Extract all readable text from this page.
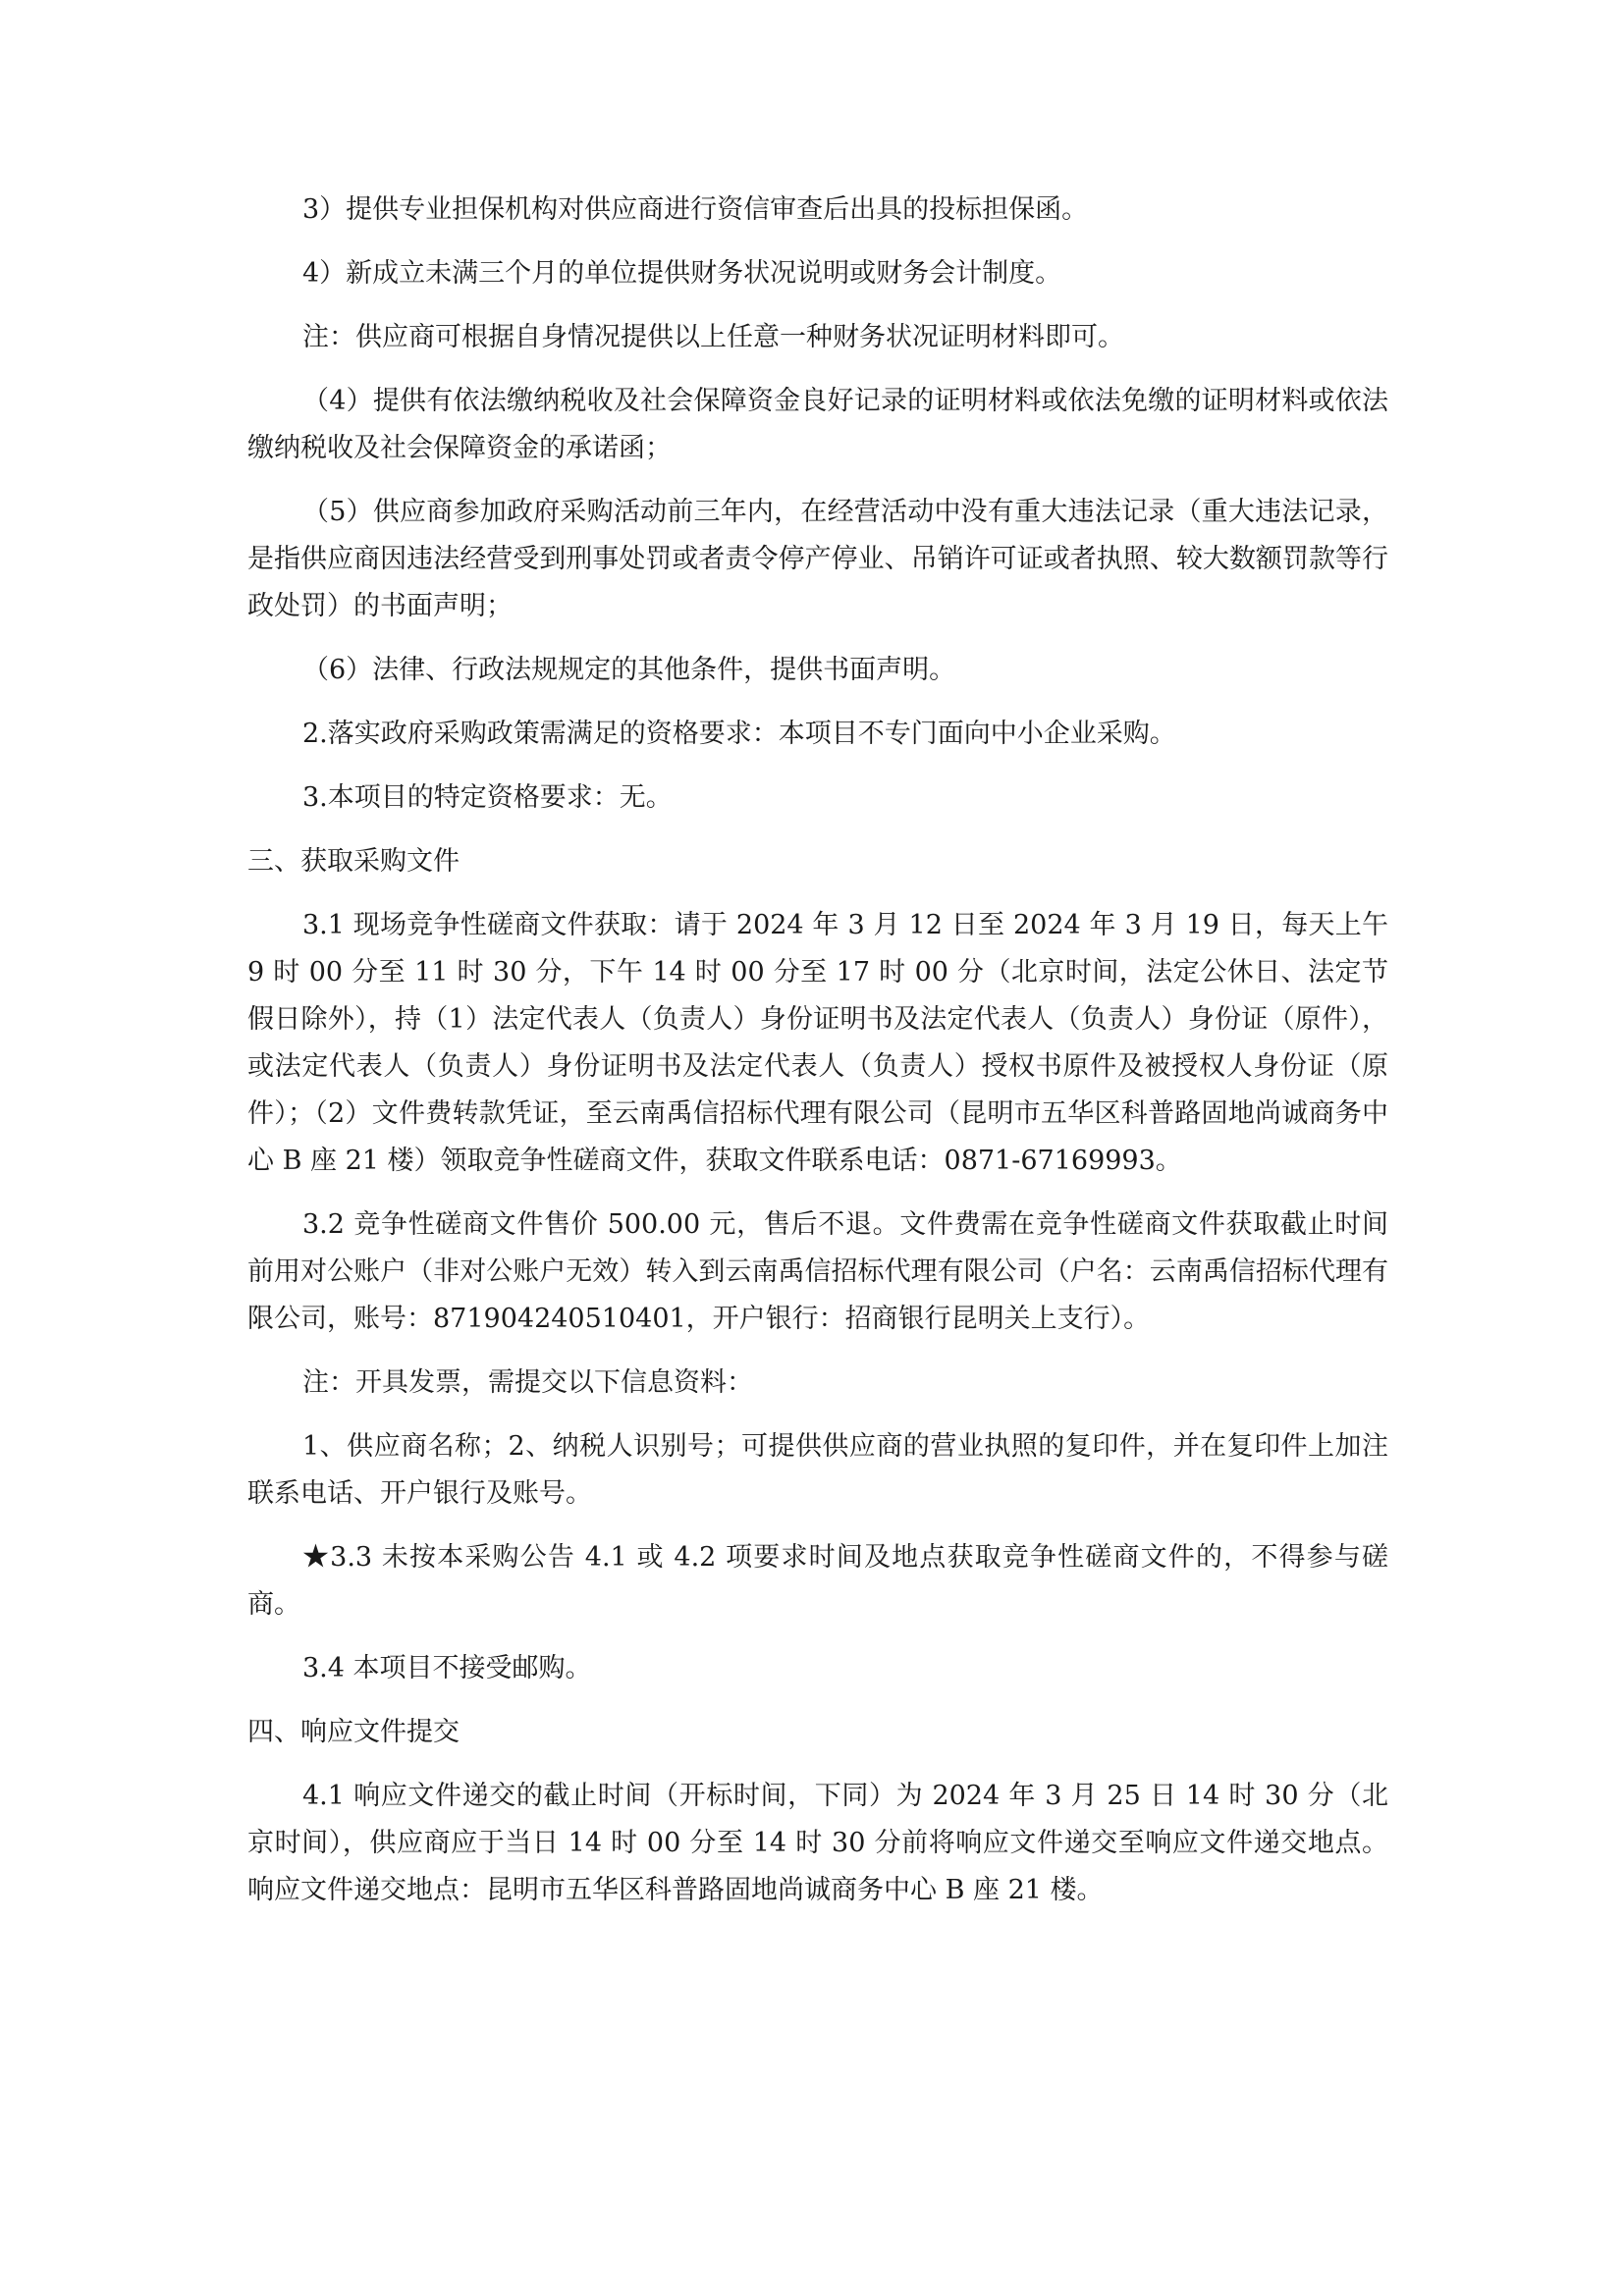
3）提供专业担保机构对供应商进行资信审查后出具的投标担保函。

4）新成立未满三个月的单位提供财务状况说明或财务会计制度。

注：供应商可根据自身情况提供以上任意一种财务状况证明材料即可。

（4）提供有依法缴纳税收及社会保障资金良好记录的证明材料或依法免缴的证明材料或依法缴纳税收及社会保障资金的承诺函；

（5）供应商参加政府采购活动前三年内，在经营活动中没有重大违法记录（重大违法记录，是指供应商因违法经营受到刑事处罚或者责令停产停业、吊销许可证或者执照、较大数额罚款等行政处罚）的书面声明；

（6）法律、行政法规规定的其他条件，提供书面声明。

2.落实政府采购政策需满足的资格要求：本项目不专门面向中小企业采购。

3.本项目的特定资格要求：无。

三、获取采购文件

3.1 现场竞争性磋商文件获取：请于 2024 年 3 月 12 日至 2024 年 3 月 19 日，每天上午 9 时 00 分至 11 时 30 分，下午 14 时 00 分至 17 时 00 分（北京时间，法定公休日、法定节假日除外），持（1）法定代表人（负责人）身份证明书及法定代表人（负责人）身份证（原件），或法定代表人（负责人）身份证明书及法定代表人（负责人）授权书原件及被授权人身份证（原件）；（2）文件费转款凭证，至云南禹信招标代理有限公司（昆明市五华区科普路固地尚诚商务中心 B 座 21 楼）领取竞争性磋商文件，获取文件联系电话：0871-67169993。

3.2 竞争性磋商文件售价 500.00 元，售后不退。文件费需在竞争性磋商文件获取截止时间前用对公账户（非对公账户无效）转入到云南禹信招标代理有限公司（户名：云南禹信招标代理有限公司，账号：871904240510401，开户银行：招商银行昆明关上支行）。

注：开具发票，需提交以下信息资料：

1、供应商名称；2、纳税人识别号；可提供供应商的营业执照的复印件，并在复印件上加注联系电话、开户银行及账号。

★3.3 未按本采购公告 4.1 或 4.2 项要求时间及地点获取竞争性磋商文件的，不得参与磋商。

3.4 本项目不接受邮购。

四、响应文件提交

4.1 响应文件递交的截止时间（开标时间，下同）为 2024 年 3 月 25 日 14 时 30 分（北京时间），供应商应于当日 14 时 00 分至 14 时 30 分前将响应文件递交至响应文件递交地点。响应文件递交地点：昆明市五华区科普路固地尚诚商务中心 B 座 21 楼。
